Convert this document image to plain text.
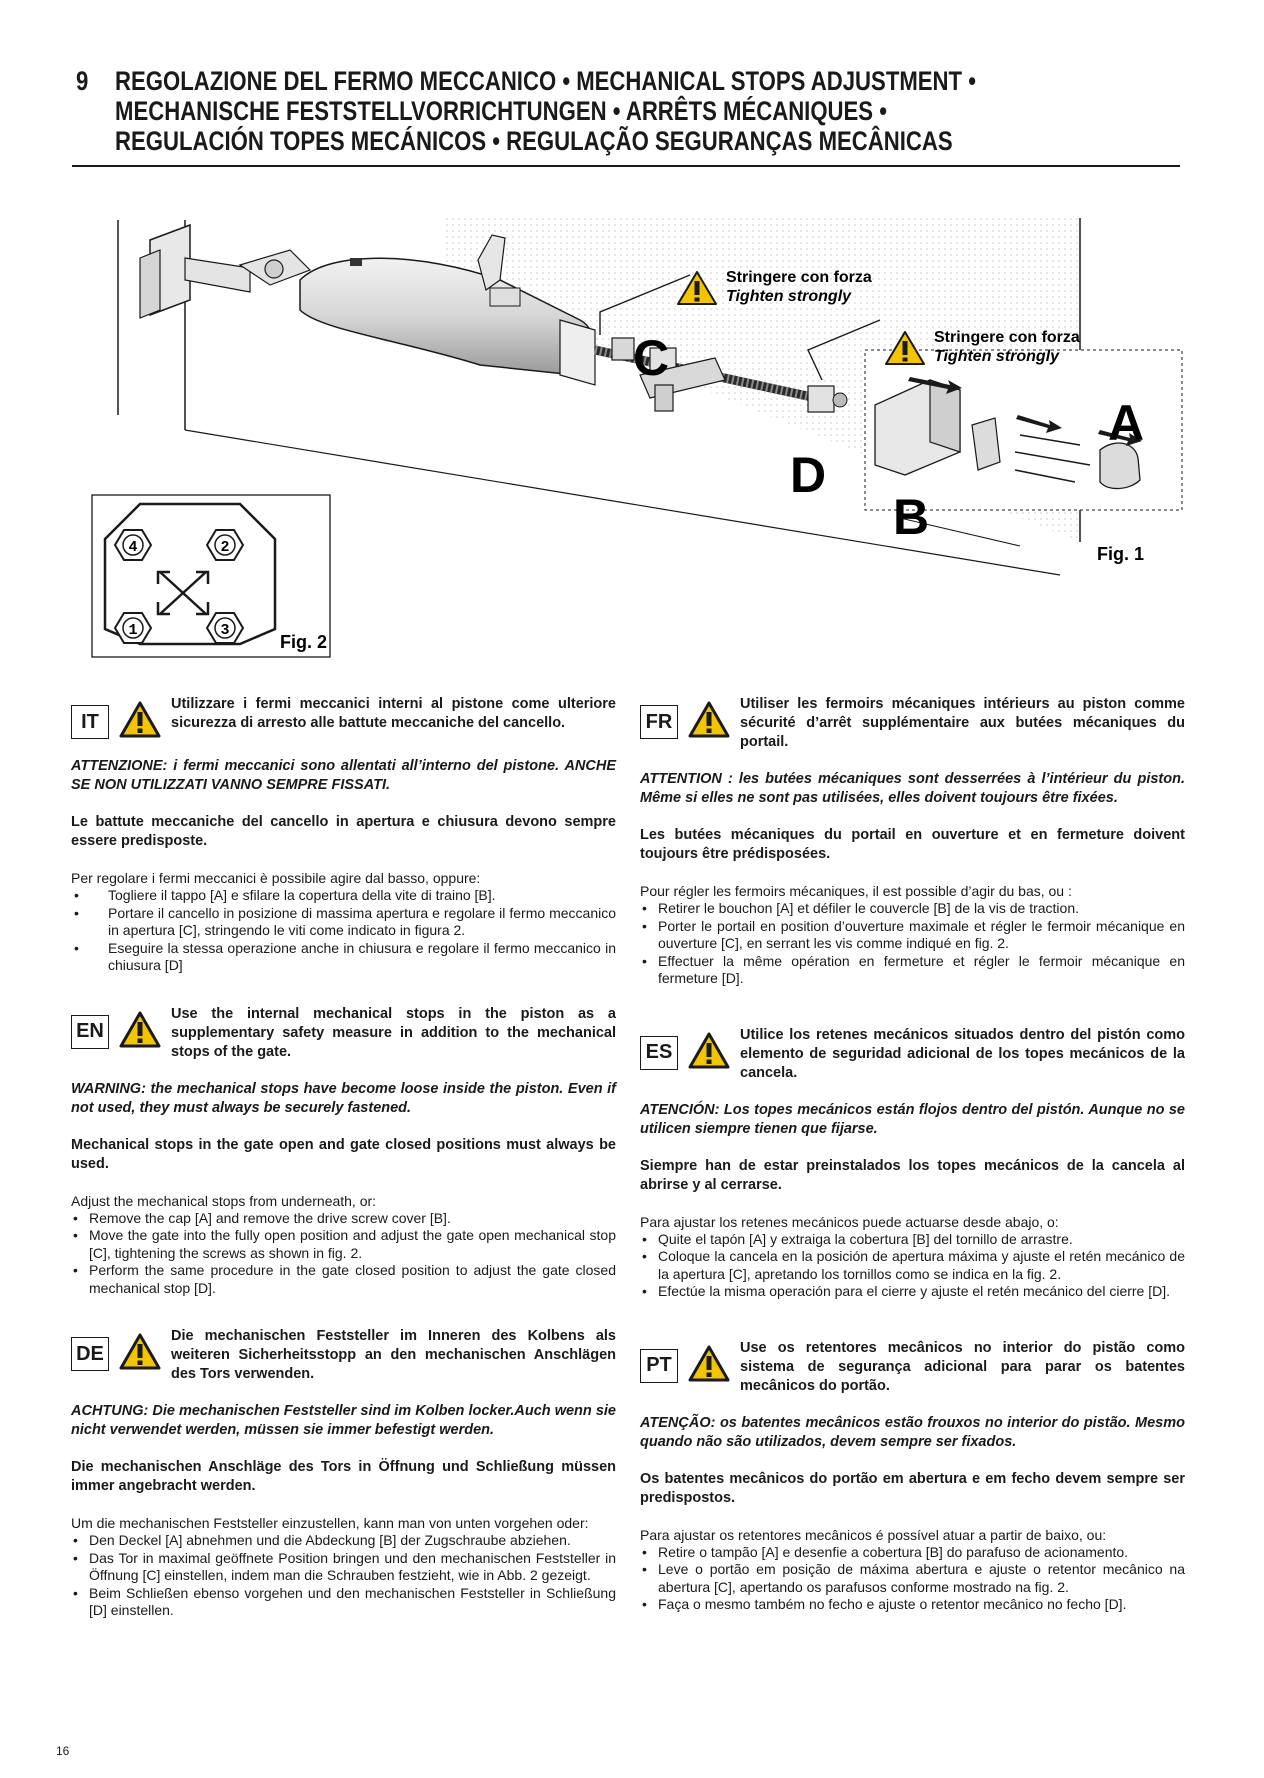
9 REGOLAZIONE DEL FERMO MECCANICO • MECHANICAL STOPS ADJUSTMENT • MECHANISCHE FESTSTELLVORRICHTUNGEN • ARRÊTS MÉCANIQUES • REGULACIÓN TOPES MECÁNICOS • REGULAÇÃO SEGURANÇAS MECÂNICAS
Stringere con forza
Tighten strongly
Stringere con forza
Tighten strongly
C
D
A
B
Fig. 1
4	2
1	3
Fig. 2
IT
Utilizzare i fermi meccanici interni al pistone come ulteriore sicurezza di arresto alle battute meccaniche del cancello.

ATTENZIONE: i fermi meccanici sono allentati all’interno del pistone. ANCHE SE NON UTILIZZATI VANNO SEMPRE FISSATI.

Le battute meccaniche del cancello in apertura e chiusura devono sempre essere predisposte.

Per regolare i fermi meccanici è possibile agire dal basso, oppure:

• Togliere il tappo [A] e sfilare la copertura della vite di traino [B].
• Portare il cancello in posizione di massima apertura e regolare il fermo meccanico in apertura [C], stringendo le viti come indicato in figura 2.
• Eseguire la stessa operazione anche in chiusura e regolare il fermo meccanico in chiusura [D]
EN
Use the internal mechanical stops in the piston as a supplementary safety measure in addition to the mechanical stops of the gate.

WARNING: the mechanical stops have become loose inside the piston. Even if not used, they must always be securely fastened.

Mechanical stops in the gate open and gate closed positions must always be used.

Adjust the mechanical stops from underneath, or:

• Remove the cap [A] and remove the drive screw cover [B].
• Move the gate into the fully open position and adjust the gate open mechanical stop [C], tightening the screws as shown in fig. 2.
• Perform the same procedure in the gate closed position to adjust the gate closed mechanical stop [D].
DE
Die mechanischen Feststeller im Inneren des Kolbens als weiteren Sicherheitsstopp an den mechanischen Anschlägen des Tors verwenden.

ACHTUNG: Die mechanischen Feststeller sind im Kolben locker.Auch wenn sie nicht verwendet werden, müssen sie immer befestigt werden.

Die mechanischen Anschläge des Tors in Öffnung und Schließung müssen immer angebracht werden.

Um die mechanischen Feststeller einzustellen, kann man von unten vorgehen oder:

• Den Deckel [A] abnehmen und die Abdeckung [B] der Zugschraube abziehen.
• Das Tor in maximal geöffnete Position bringen und den mechanischen Feststeller in Öffnung [C] einstellen, indem man die Schrauben festzieht, wie in Abb. 2 gezeigt.
• Beim Schließen ebenso vorgehen und den mechanischen Feststeller in Schließung [D] einstellen.
FR
Utiliser les fermoirs mécaniques intérieurs au piston comme sécurité d’arrêt supplémentaire aux butées mécaniques du portail.

ATTENTION : les butées mécaniques sont desserrées à l’intérieur du piston. Même si elles ne sont pas utilisées, elles doivent toujours être fixées.

Les butées mécaniques du portail en ouverture et en fermeture doivent toujours être prédisposées.

Pour régler les fermoirs mécaniques, il est possible d’agir du bas, ou :

• Retirer le bouchon [A] et défiler le couvercle [B] de la vis de traction.
• Porter le portail en position d’ouverture maximale et régler le fermoir mécanique en ouverture [C], en serrant les vis comme indiqué en fig. 2.
• Effectuer la même opération en fermeture et régler le fermoir mécanique en fermeture [D].
ES
Utilice los retenes mecánicos situados dentro del pistón como elemento de seguridad adicional de los topes mecánicos de la cancela.

ATENCIÓN: Los topes mecánicos están flojos dentro del pistón. Aunque no se utilicen siempre tienen que fijarse.

Siempre han de estar preinstalados los topes mecánicos de la cancela al abrirse y al cerrarse.

Para ajustar los retenes mecánicos puede actuarse desde abajo, o:

• Quite el tapón [A] y extraiga la cobertura [B] del tornillo de arrastre.
• Coloque la cancela en la posición de apertura máxima y ajuste el retén mecánico de la apertura [C], apretando los tornillos como se indica en la fig. 2.
• Efectúe la misma operación para el cierre y ajuste el retén mecánico del cierre [D].
PT
Use os retentores mecânicos no interior do pistão como sistema de segurança adicional para parar os batentes mecânicos do portão.

ATENÇÃO: os batentes mecânicos estão frouxos no interior do pistão. Mesmo quando não são utilizados, devem sempre ser fixados.

Os batentes mecânicos do portão em abertura e em fecho devem sempre ser predispostos.

Para ajustar os retentores mecânicos é possível atuar a partir de baixo, ou:

• Retire o tampão [A] e desenfie a cobertura [B] do parafuso de acionamento.
• Leve o portão em posição de máxima abertura e ajuste o retentor mecânico na abertura [C], apertando os parafusos conforme mostrado na fig. 2.
• Faça o mesmo também no fecho e ajuste o retentor mecânico no fecho [D].
16
